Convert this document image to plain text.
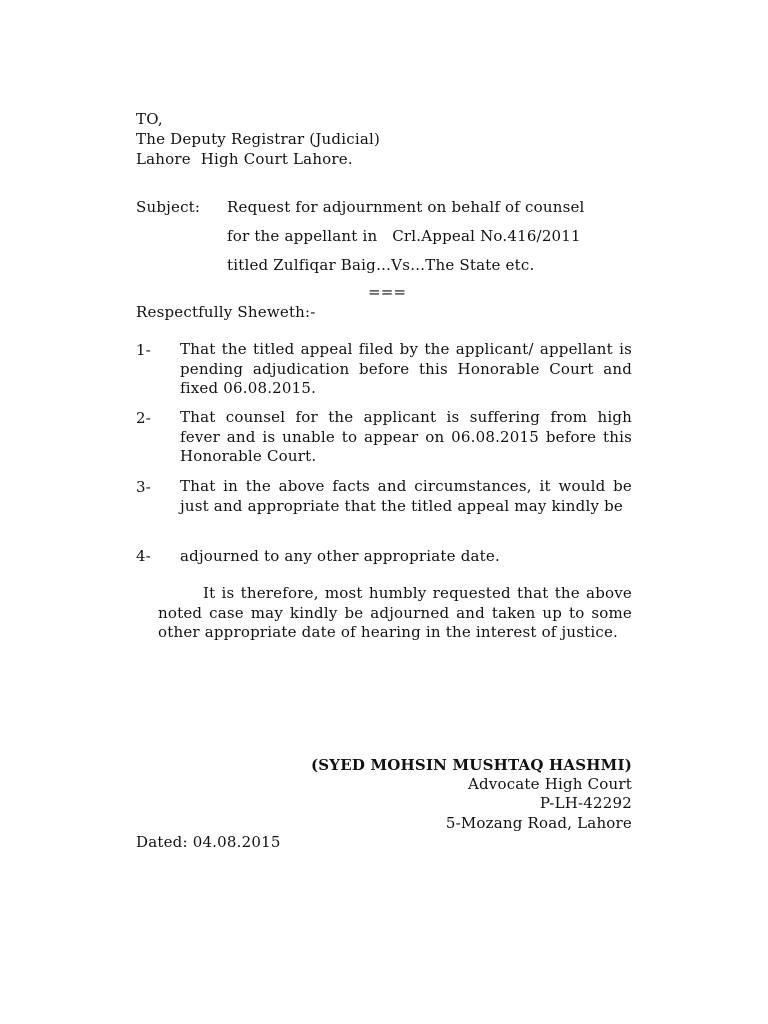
TO,
The Deputy Registrar (Judicial)
Lahore  High Court Lahore.
Subject: Request for adjournment on behalf of counsel
for the appellant in   Crl.Appeal No.416/2011
titled Zulfiqar Baig…Vs…The State etc.
===
Respectfully Sheweth:-
1- That the titled appeal filed by the applicant/ appellant is pending adjudication before this Honorable Court and fixed 06.08.2015.
2- That counsel for the applicant is suffering from high fever and is unable to appear on 06.08.2015 before this Honorable Court.
3- That in the above facts and circumstances, it would be just and appropriate that the titled appeal may kindly be
4- adjourned to any other appropriate date.
It is therefore, most humbly requested that the above noted case may kindly be adjourned and taken up to some other appropriate date of hearing in the interest of justice.
(SYED MOHSIN MUSHTAQ HASHMI)
Advocate High Court
P-LH-42292
5-Mozang Road, Lahore
Dated: 04.08.2015
